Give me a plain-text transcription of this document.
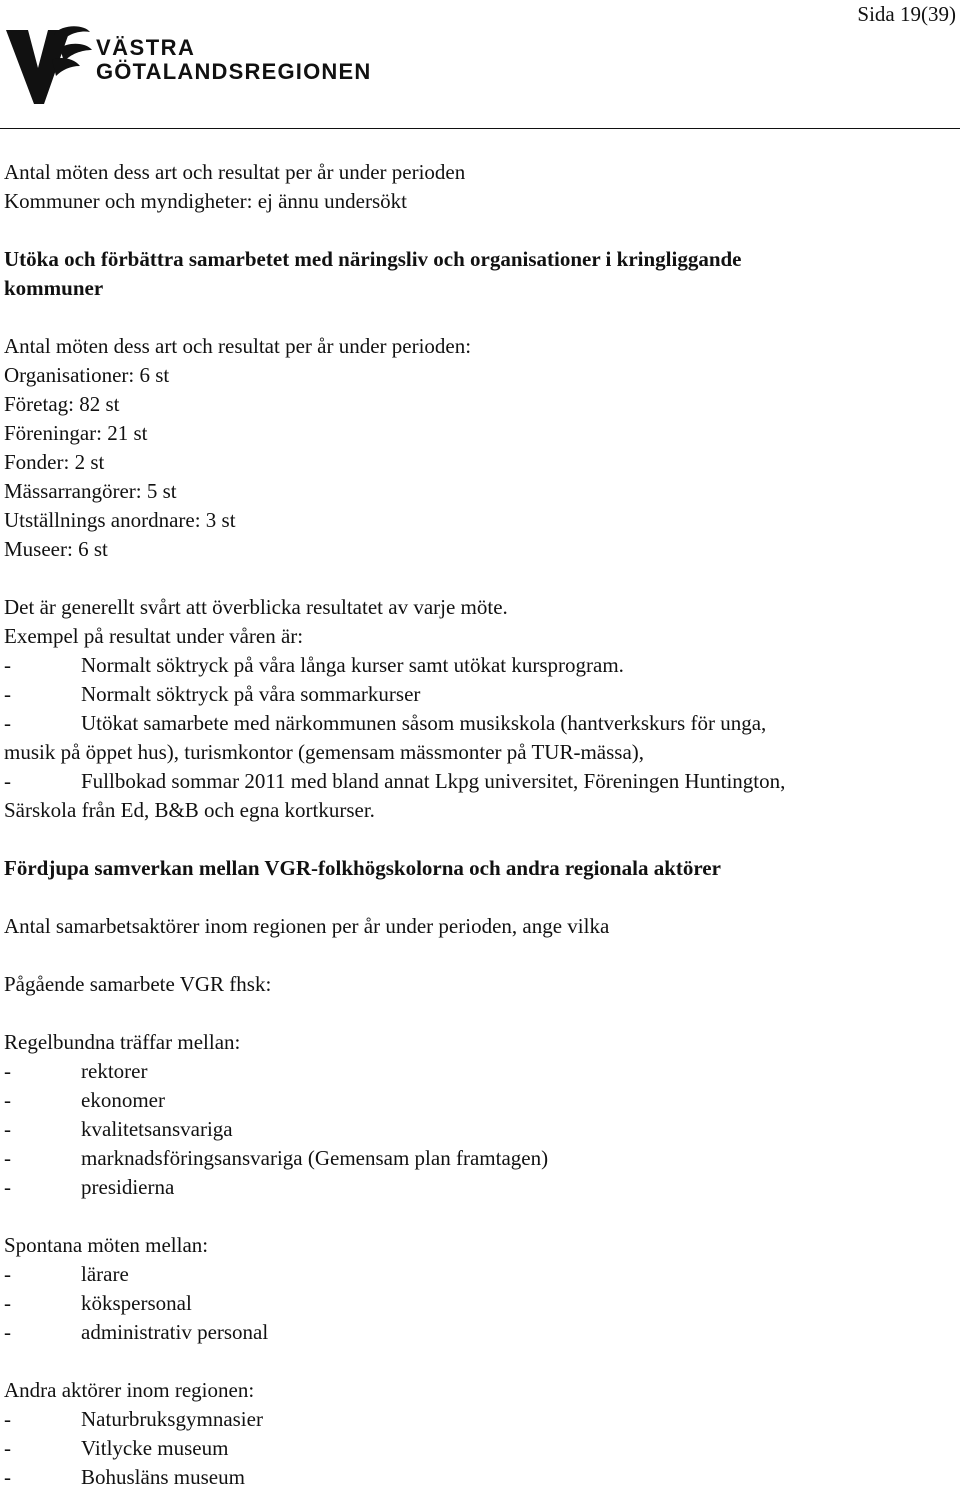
Sida 19(39)
VÄSTRA
GÖTALANDSREGIONEN
Antal möten dess art och resultat per år under perioden
Kommuner och myndigheter: ej ännu undersökt
Utöka och förbättra samarbetet med näringsliv och organisationer i kringliggande
kommuner
Antal möten dess art och resultat per år under perioden:
Organisationer: 6 st
Företag: 82 st
Föreningar: 21 st
Fonder: 2 st
Mässarrangörer: 5 st
Utställnings anordnare: 3 st
Museer: 6 st
Det är generellt svårt att överblicka resultatet av varje möte.
Exempel på resultat under våren är:
-	Normalt söktryck på våra långa kurser samt utökat kursprogram.
-	Normalt söktryck på våra sommarkurser
-	Utökat samarbete med närkommunen såsom musikskola (hantverkskurs för unga,
musik på öppet hus), turismkontor (gemensam mässmonter på TUR-mässa),
-	Fullbokad sommar 2011 med bland annat Lkpg universitet, Föreningen Huntington,
Särskola från Ed, B&B och egna kortkurser.
Fördjupa samverkan mellan VGR-folkhögskolorna och andra regionala aktörer
Antal samarbetsaktörer inom regionen per år under perioden, ange vilka
Pågående samarbete VGR fhsk:
Regelbundna träffar mellan:
-	rektorer
-	ekonomer
-	kvalitetsansvariga
-	marknadsföringsansvariga (Gemensam plan framtagen)
-	presidierna
Spontana möten mellan:
-	lärare
-	kökspersonal
-	administrativ personal
Andra aktörer inom regionen:
-	Naturbruksgymnasier
-	Vitlycke museum
-	Bohusläns museum
